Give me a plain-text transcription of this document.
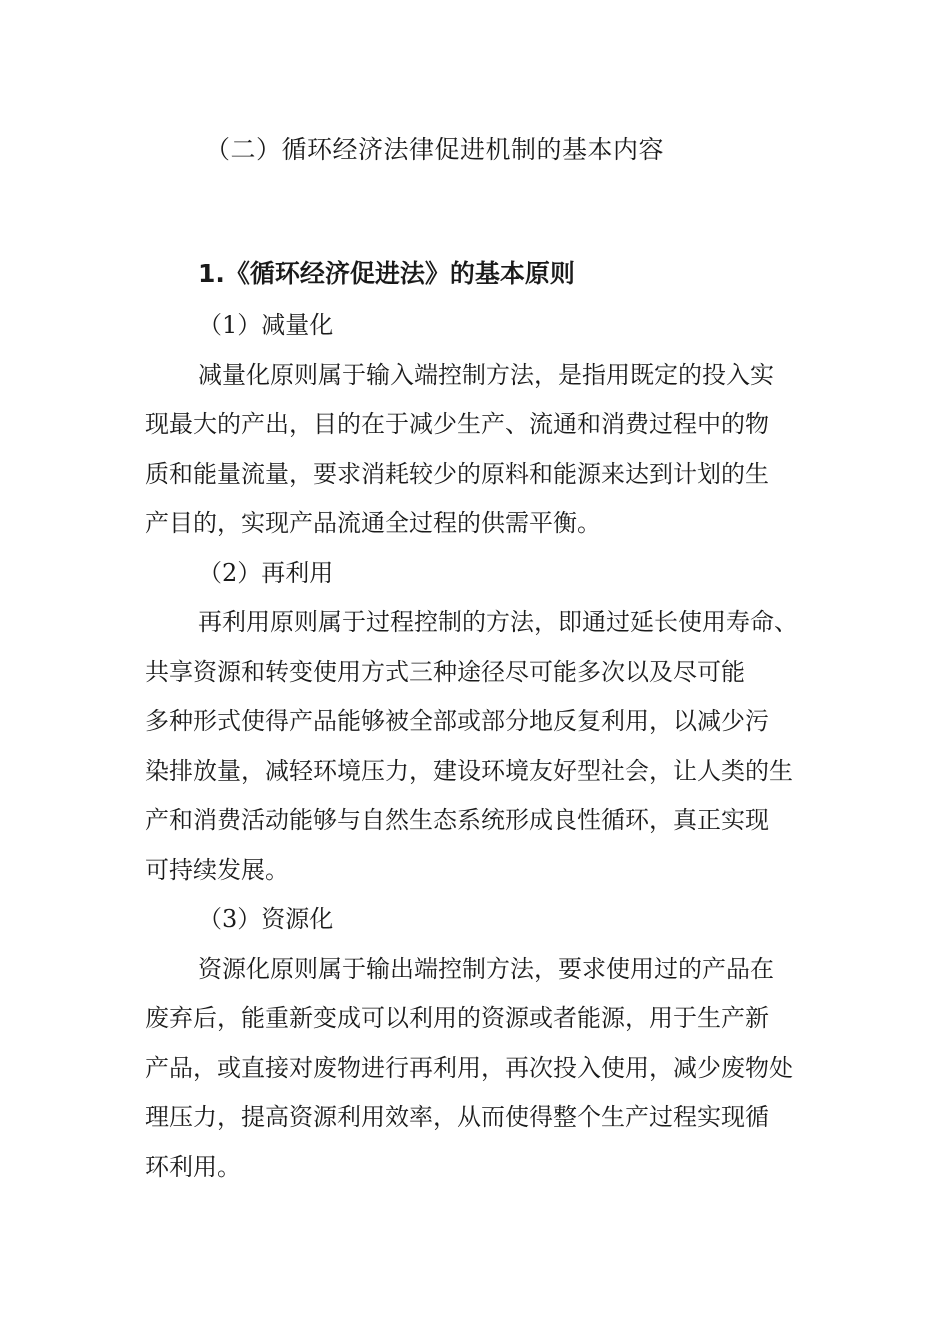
（二）循环经济法律促进机制的基本内容
1.《循环经济促进法》的基本原则
（1）减量化
减量化原则属于输入端控制方法，是指用既定的投入实
现最大的产出，目的在于减少生产、流通和消费过程中的物
质和能量流量，要求消耗较少的原料和能源来达到计划的生
产目的，实现产品流通全过程的供需平衡。
（2）再利用
再利用原则属于过程控制的方法，即通过延长使用寿命、
共享资源和转变使用方式三种途径尽可能多次以及尽可能
多种形式使得产品能够被全部或部分地反复利用，以减少污
染排放量，减轻环境压力，建设环境友好型社会，让人类的生
产和消费活动能够与自然生态系统形成良性循环，真正实现
可持续发展。
（3）资源化
资源化原则属于输出端控制方法，要求使用过的产品在
废弃后，能重新变成可以利用的资源或者能源，用于生产新
产品，或直接对废物进行再利用，再次投入使用，减少废物处
理压力，提高资源利用效率，从而使得整个生产过程实现循
环利用。
